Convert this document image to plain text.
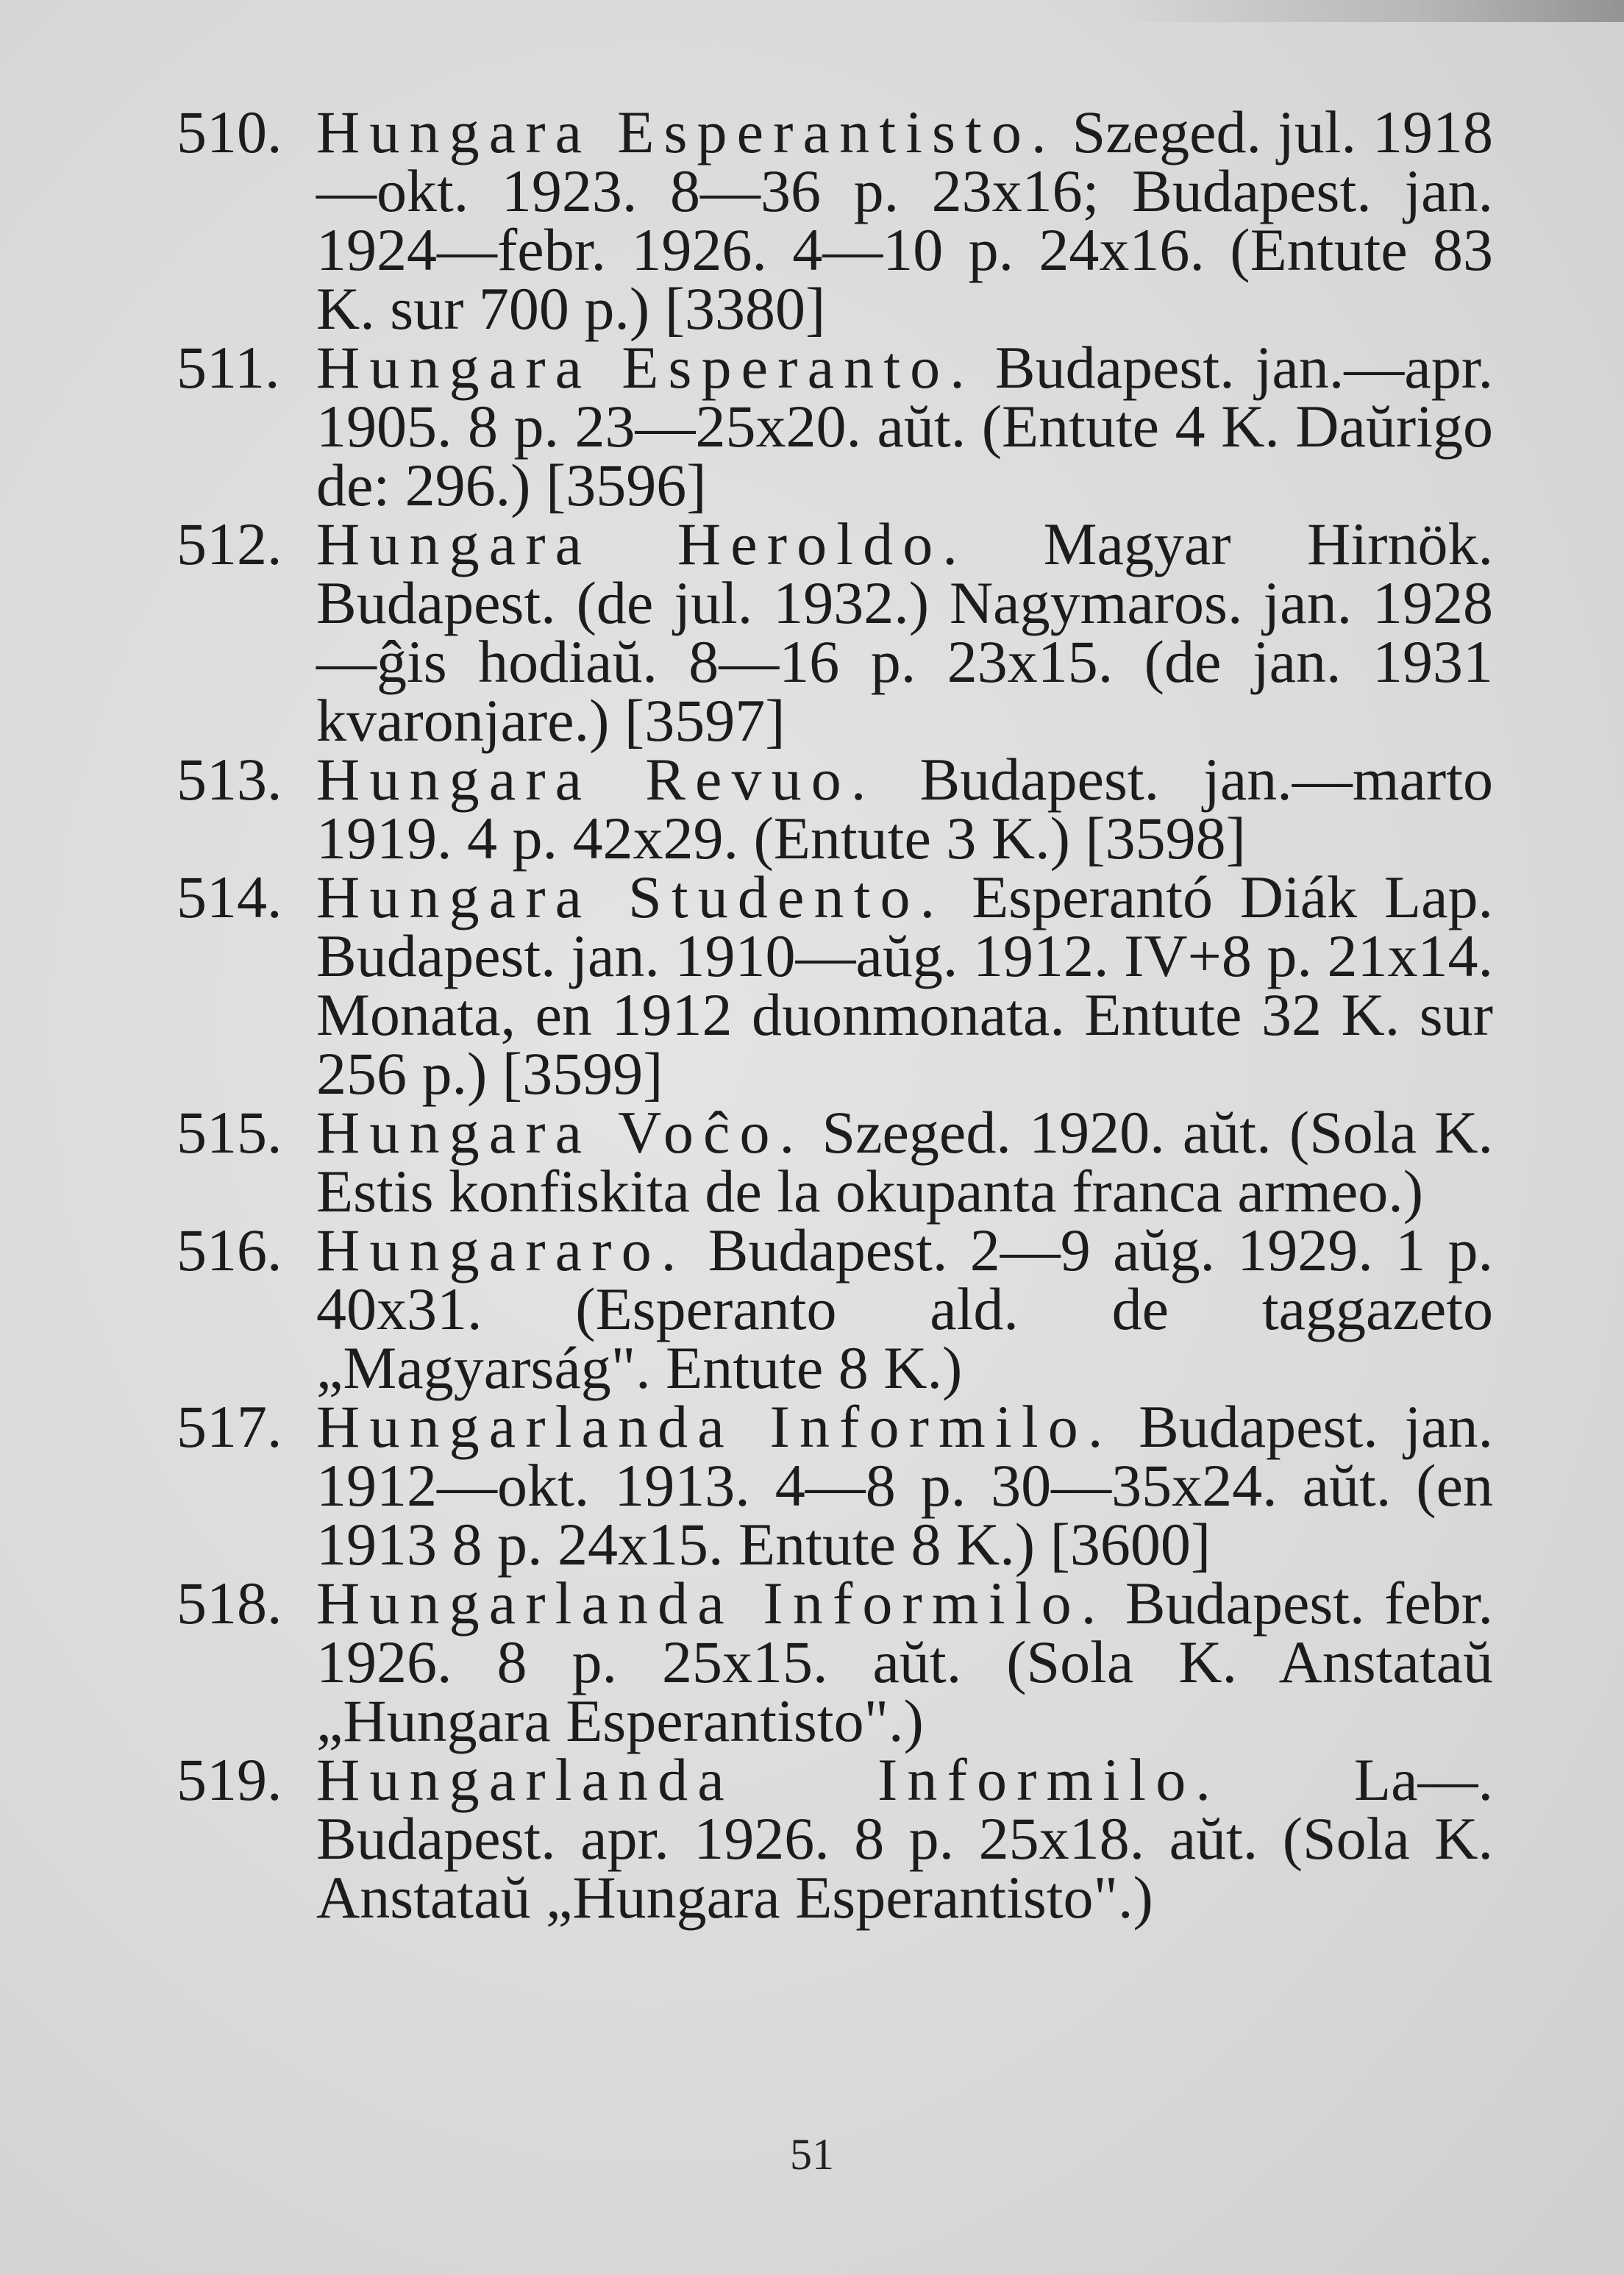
510. Hungara Esperantisto. Szeged. jul. 1918—okt. 1923. 8—36 p. 23x16; Budapest. jan. 1924—febr. 1926. 4—10 p. 24x16. (Entute 83 K. sur 700 p.) [3380]
511. Hungara Esperanto. Budapest. jan.—apr. 1905. 8 p. 23—25x20. aŭt. (Entute 4 K. Daŭrigo de: 296.) [3596]
512. Hungara Heroldo. Magyar Hirnök. Budapest. (de jul. 1932.) Nagymaros. jan. 1928 —ĝis hodiaŭ. 8—16 p. 23x15. (de jan. 1931 kvaronjare.) [3597]
513. Hungara Revuo. Budapest. jan.—marto 1919. 4 p. 42x29. (Entute 3 K.) [3598]
514. Hungara Studento. Esperantó Diák Lap. Budapest. jan. 1910—aŭg. 1912. IV+8 p. 21x14. Monata, en 1912 duonmonata. Entute 32 K. sur 256 p.) [3599]
515. Hungara Voĉo. Szeged. 1920. aŭt. (Sola K. Estis konfiskita de la okupanta franca armeo.)
516. Hungararo. Budapest. 2—9 aŭg. 1929. 1 p. 40x31. (Esperanto ald. de taggazeto „Magyarság". Entute 8 K.)
517. Hungarlanda Informilo. Budapest. jan. 1912—okt. 1913. 4—8 p. 30—35x24. aŭt. (en 1913 8 p. 24x15. Entute 8 K.) [3600]
518. Hungarlanda Informilo. Budapest. febr. 1926. 8 p. 25x15. aŭt. (Sola K. Anstataŭ „Hungara Esperantisto".)
519. Hungarlanda Informilo. La—. Budapest. apr. 1926. 8 p. 25x18. aŭt. (Sola K. Anstataŭ „Hungara Esperantisto".)
51
